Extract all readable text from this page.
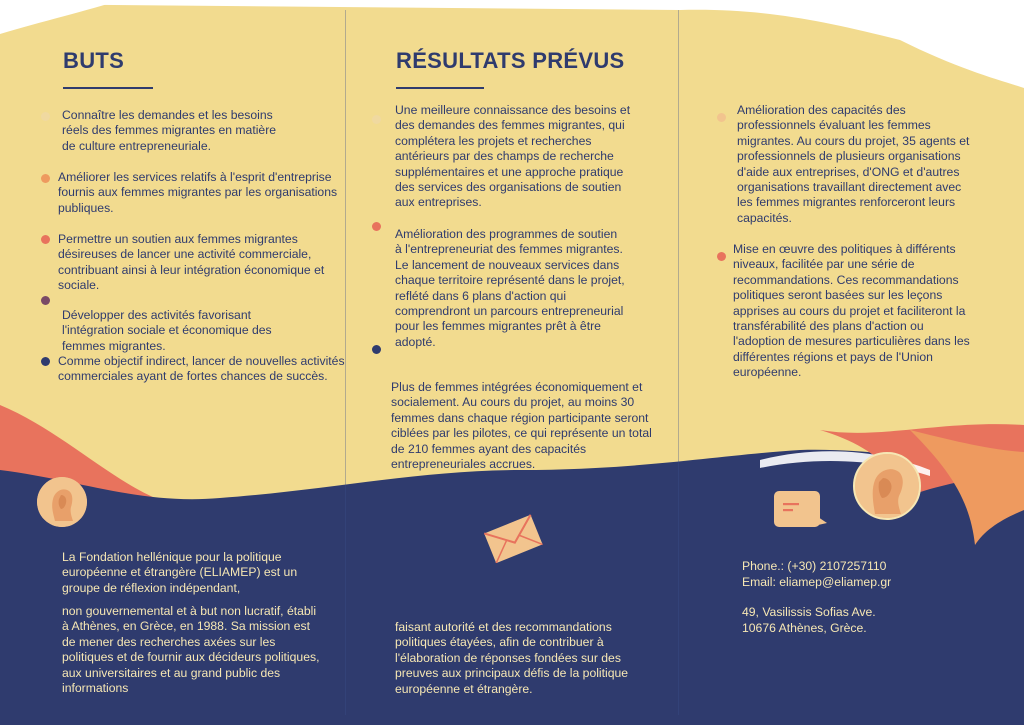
BUTS
Connaître les demandes et les besoins réels des femmes migrantes en matière de culture entrepreneuriale.
Améliorer les services relatifs à l'esprit d'entreprise fournis aux femmes migrantes par les organisations publiques.
Permettre un soutien aux femmes migrantes désireuses de lancer une activité commerciale, contribuant ainsi à leur intégration économique et sociale.
Développer des activités favorisant l'intégration sociale et économique des femmes migrantes.
Comme objectif indirect, lancer de nouvelles activités commerciales ayant de fortes chances de succès.
La Fondation hellénique pour la politique européenne et étrangère (ELIAMEP) est un groupe de réflexion indépendant,
non gouvernemental et à but non lucratif, établi à Athènes, en Grèce, en 1988. Sa mission est de mener des recherches axées sur les politiques et de fournir aux décideurs politiques, aux universitaires et au grand public des informations
RÉSULTATS PRÉVUS
Une meilleure connaissance des besoins et des demandes des femmes migrantes, qui complétera les projets et recherches antérieurs par des champs de recherche supplémentaires et une approche pratique des services des organisations de soutien aux entreprises.
Amélioration des programmes de soutien à l'entrepreneuriat des femmes migrantes. Le lancement de nouveaux services dans chaque territoire représenté dans le projet, reflété dans 6 plans d'action qui comprendront un parcours entrepreneurial pour les femmes migrantes prêt à être adopté.
Plus de femmes intégrées économiquement et socialement. Au cours du projet, au moins 30 femmes dans chaque région participante seront ciblées par les pilotes, ce qui représente un total de 210 femmes ayant des capacités entrepreneuriales accrues.
faisant autorité et des recommandations politiques étayées, afin de contribuer à l'élaboration de réponses fondées sur des preuves aux principaux défis de la politique européenne et étrangère.
Amélioration des capacités des professionnels évaluant les femmes migrantes. Au cours du projet, 35 agents et professionnels de plusieurs organisations d'aide aux entreprises, d'ONG et d'autres organisations travaillant directement avec les femmes migrantes renforceront leurs capacités.
Mise en œuvre des politiques à différents niveaux, facilitée par une série de recommandations. Ces recommandations politiques seront basées sur les leçons apprises au cours du projet et faciliteront la transférabilité des plans d'action ou l'adoption de mesures particulières dans les différentes régions et pays de l'Union européenne.
Phone.: (+30) 2107257110
Email: eliamep@eliamep.gr
49, Vasilissis Sofias Ave.
10676 Athènes, Grèce.
